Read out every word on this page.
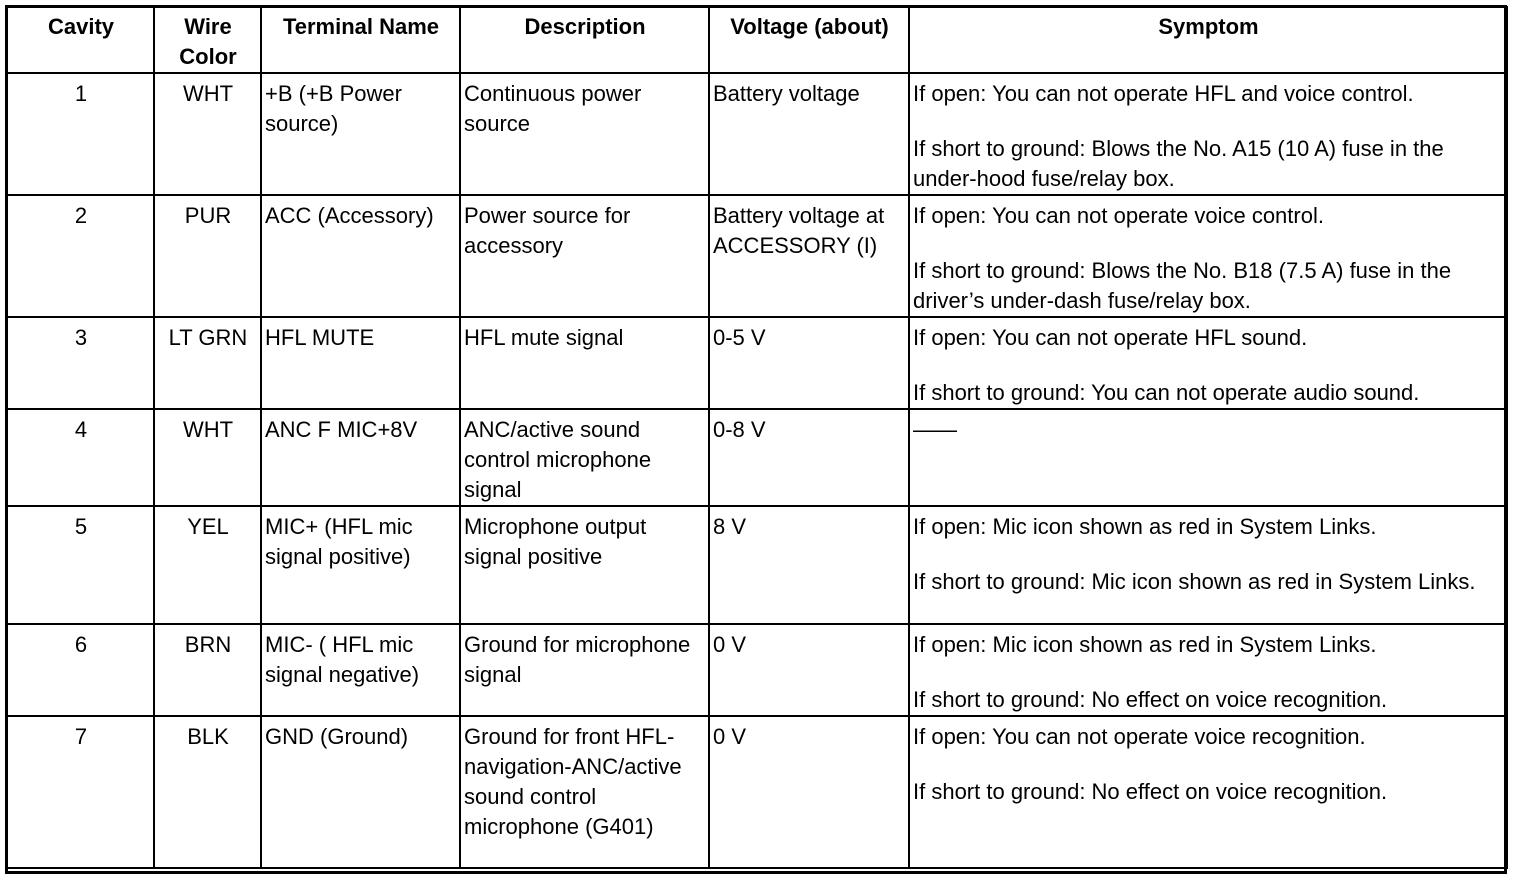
Cavity	Wire Color	Terminal Name	Description	Voltage (about)	Symptom
1	WHT	+B (+B Power source)	Continuous power source	Battery voltage	If open: You can not operate HFL and voice control.
If short to ground: Blows the No. A15 (10 A) fuse in the under-hood fuse/relay box.

2	PUR	ACC (Accessory)	Power source for accessory	Battery voltage at ACCESSORY (I)	If open: You can not operate voice control.
If short to ground: Blows the No. B18 (7.5 A) fuse in the driver’s under-dash fuse/relay box.

3	LT GRN	HFL MUTE	HFL mute signal	0-5 V	If open: You can not operate HFL sound.
If short to ground: You can not operate audio sound.

4	WHT	ANC F MIC+8V	ANC/active sound control microphone signal	0-8 V	——

5	YEL	MIC+ (HFL mic signal positive)	Microphone output signal positive	8 V	If open: Mic icon shown as red in System Links.
If short to ground: Mic icon shown as red in System Links.

6	BRN	MIC- ( HFL mic signal negative)	Ground for microphone signal	0 V	If open: Mic icon shown as red in System Links.
If short to ground: No effect on voice recognition.

7	BLK	GND (Ground)	Ground for front HFL-navigation-ANC/active sound control microphone (G401)	0 V	If open: You can not operate voice recognition.
If short to ground: No effect on voice recognition.
